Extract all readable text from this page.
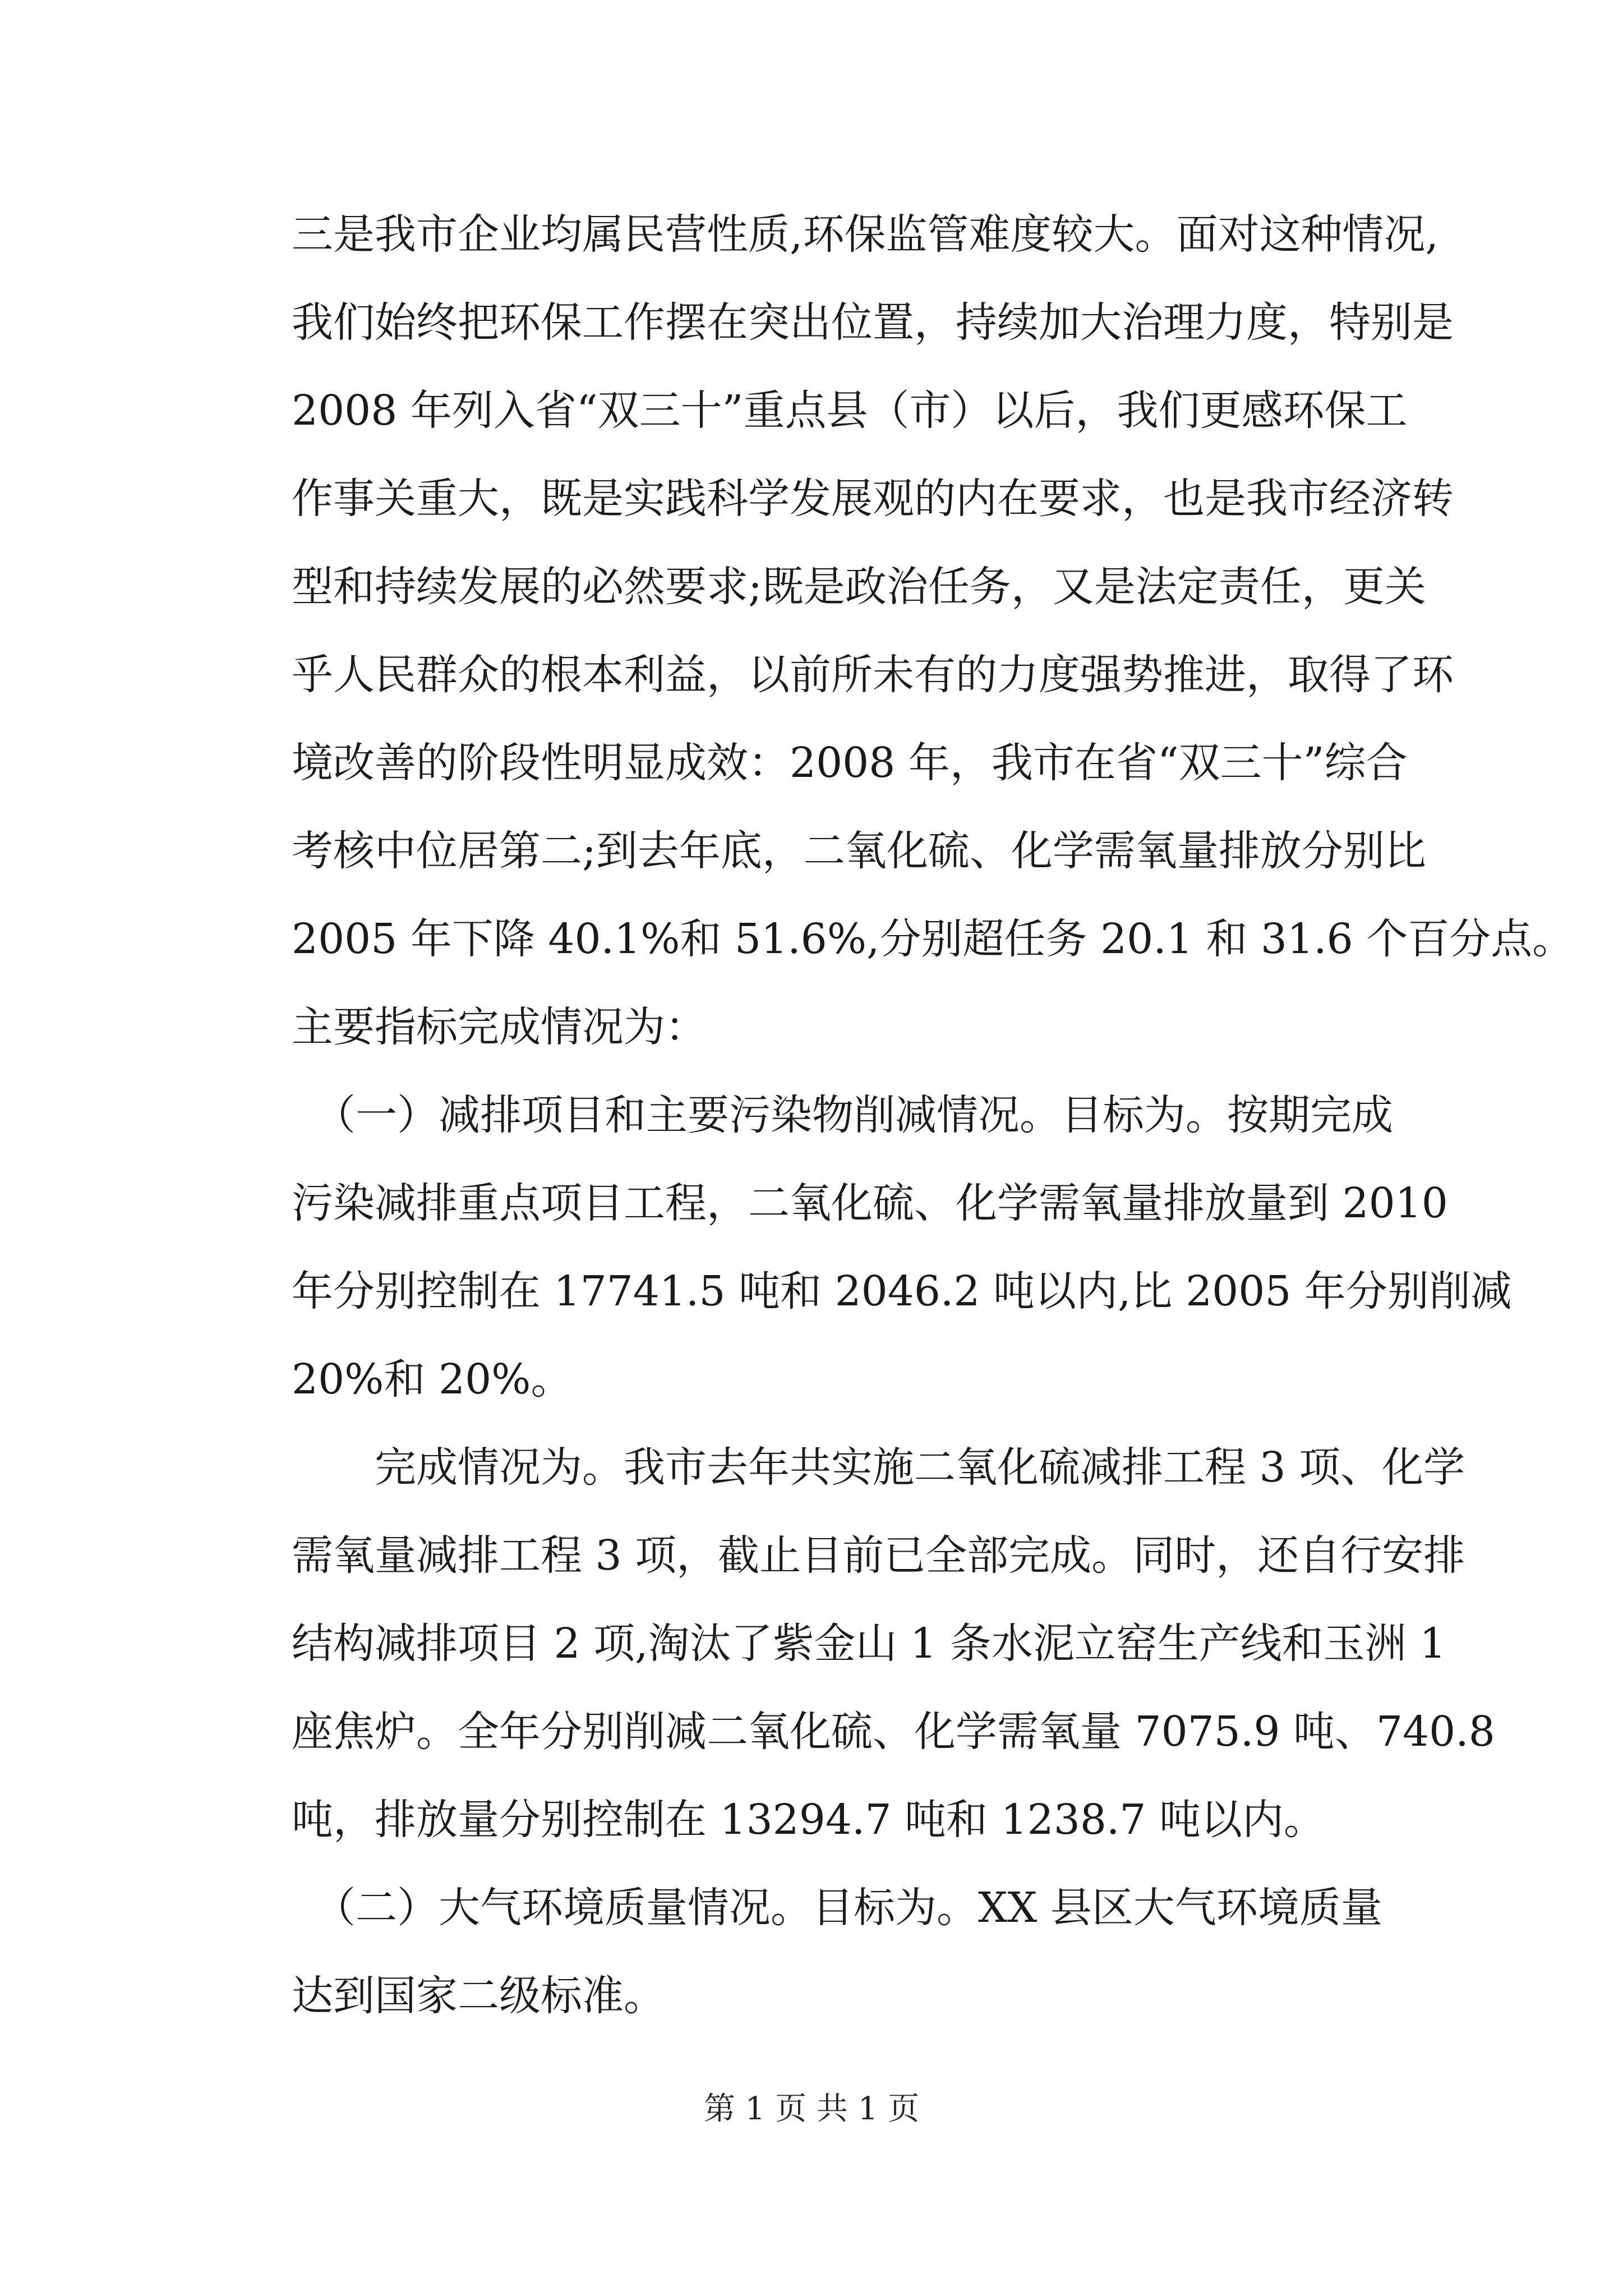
三是我市企业均属民营性质,环保监管难度较大。面对这种情况,
我们始终把环保工作摆在突出位置，持续加大治理力度，特别是
2008 年列入省“双三十”重点县（市）以后，我们更感环保工
作事关重大，既是实践科学发展观的内在要求，也是我市经济转
型和持续发展的必然要求;既是政治任务，又是法定责任，更关
乎人民群众的根本利益，以前所未有的力度强势推进，取得了环
境改善的阶段性明显成效：2008 年，我市在省“双三十”综合
考核中位居第二;到去年底，二氧化硫、化学需氧量排放分别比
2005 年下降 40.1%和 51.6%,分别超任务 20.1 和 31.6 个百分点。
主要指标完成情况为：
（一）减排项目和主要污染物削减情况。目标为。按期完成
污染减排重点项目工程，二氧化硫、化学需氧量排放量到 2010
年分别控制在 17741.5 吨和 2046.2 吨以内,比 2005 年分别削减
20%和 20%。
完成情况为。我市去年共实施二氧化硫减排工程 3 项、化学
需氧量减排工程 3 项，截止目前已全部完成。同时，还自行安排
结构减排项目 2 项,淘汰了紫金山 1 条水泥立窑生产线和玉洲 1
座焦炉。全年分别削减二氧化硫、化学需氧量 7075.9 吨、740.8
吨，排放量分别控制在 13294.7 吨和 1238.7 吨以内。
（二）大气环境质量情况。目标为。XX 县区大气环境质量
达到国家二级标准。
第 1 页 共 1 页
